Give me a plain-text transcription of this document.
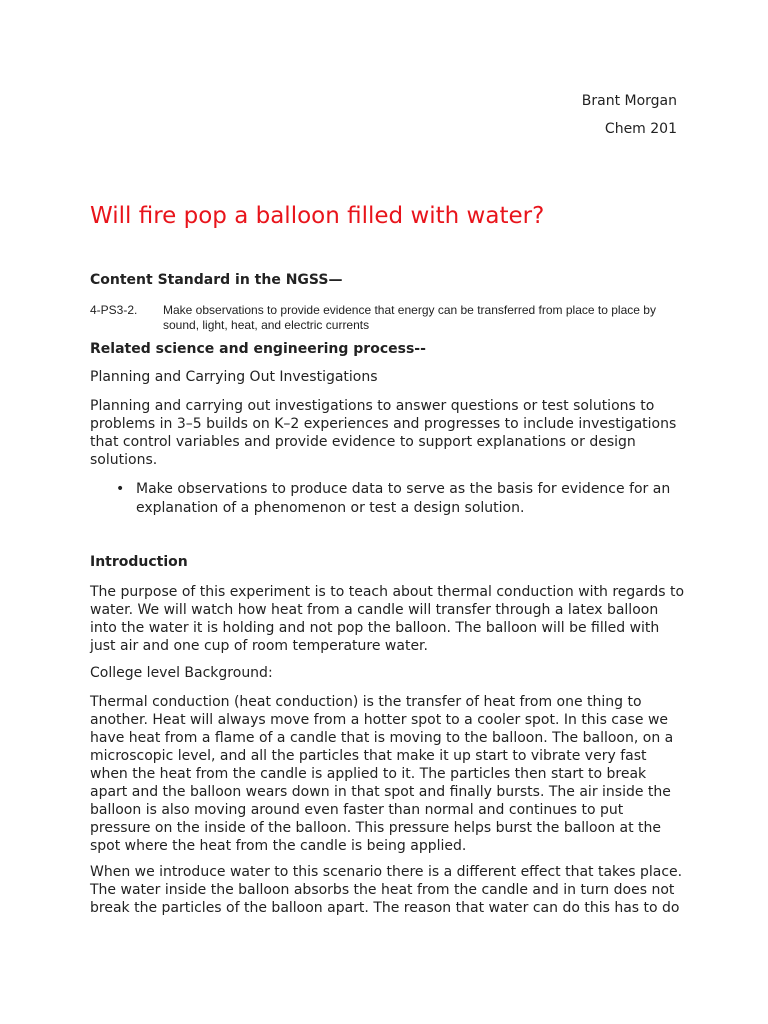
Brant Morgan
Chem 201
Will fire pop a balloon filled with water?
Content Standard in the NGSS—
4-PS3-2. Make observations to provide evidence that energy can be transferred from place to place by
sound, light, heat, and electric currents
Related science and engineering process--
Planning and Carrying Out Investigations
Planning and carrying out investigations to answer questions or test solutions to
problems in 3–5 builds on K–2 experiences and progresses to include investigations
that control variables and provide evidence to support explanations or design
solutions.
• Make observations to produce data to serve as the basis for evidence for an
explanation of a phenomenon or test a design solution.
Introduction
The purpose of this experiment is to teach about thermal conduction with regards to
water. We will watch how heat from a candle will transfer through a latex balloon
into the water it is holding and not pop the balloon. The balloon will be filled with
just air and one cup of room temperature water.
College level Background:
Thermal conduction (heat conduction) is the transfer of heat from one thing to
another. Heat will always move from a hotter spot to a cooler spot. In this case we
have heat from a flame of a candle that is moving to the balloon. The balloon, on a
microscopic level, and all the particles that make it up start to vibrate very fast
when the heat from the candle is applied to it. The particles then start to break
apart and the balloon wears down in that spot and finally bursts. The air inside the
balloon is also moving around even faster than normal and continues to put
pressure on the inside of the balloon. This pressure helps burst the balloon at the
spot where the heat from the candle is being applied.
When we introduce water to this scenario there is a different effect that takes place.
The water inside the balloon absorbs the heat from the candle and in turn does not
break the particles of the balloon apart. The reason that water can do this has to do
